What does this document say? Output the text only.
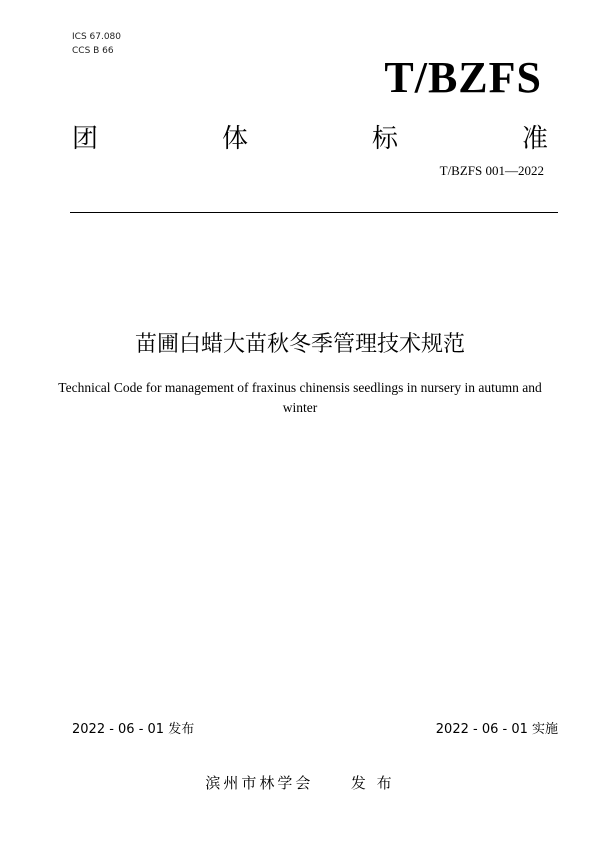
ICS 67.080
CCS B 66
T/BZFS
团	体	标	准
T/BZFS 001—2022
苗圃白蜡大苗秋冬季管理技术规范
Technical Code for management of fraxinus chinensis seedlings in nursery in autumn and winter
2022 - 06 - 01 发布	2022 - 06 - 01 实施
滨州市林学会	发 布
